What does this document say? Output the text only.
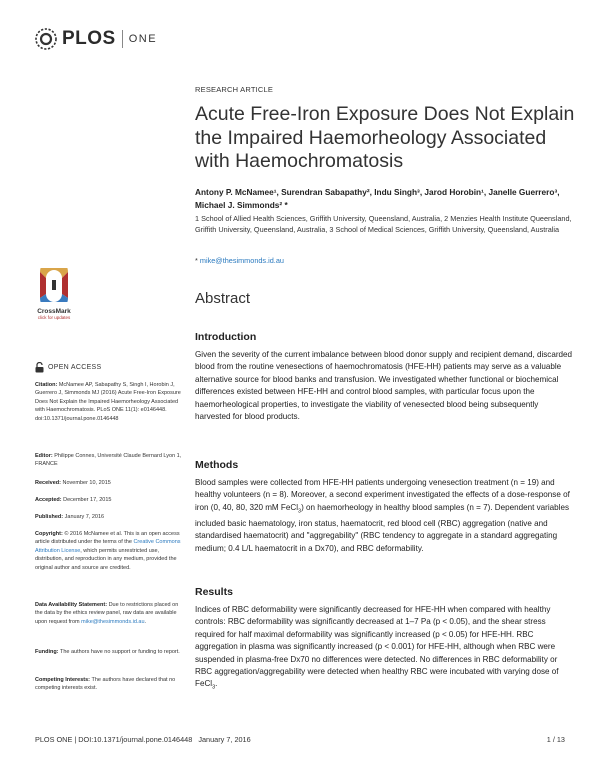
PLOS ONE
RESEARCH ARTICLE
Acute Free-Iron Exposure Does Not Explain the Impaired Haemorheology Associated with Haemochromatosis
Antony P. McNamee¹, Surendran Sabapathy², Indu Singh³, Jarod Horobin¹, Janelle Guerrero³, Michael J. Simmonds² *
1 School of Allied Health Sciences, Griffith University, Queensland, Australia, 2 Menzies Health Institute Queensland, Griffith University, Queensland, Australia, 3 School of Medical Sciences, Griffith University, Queensland, Australia
* mike@thesimmonds.id.au
CrossMark
click for updates
Abstract
Introduction
Given the severity of the current imbalance between blood donor supply and recipient demand, discarded blood from the routine venesections of haemochromatosis (HFE-HH) patients may serve as a valuable alternative source for blood banks and transfusion. We investigated whether functional or biochemical differences existed between HFE-HH and control blood samples, with particular focus upon the haemorheological properties, to investigate the viability of venesected blood being subsequently harvested for blood products.
Methods
Blood samples were collected from HFE-HH patients undergoing venesection treatment (n = 19) and healthy volunteers (n = 8). Moreover, a second experiment investigated the effects of a dose-response of iron (0, 40, 80, 320 mM FeCl$_3$) on haemorheology in healthy blood samples (n = 7). Dependent variables included basic haematology, iron status, haematocrit, red blood cell (RBC) aggregation (native and standardised haematocrit) and "aggregability" (RBC tendency to aggregate in a standard aggregating medium; 0.4 L/L haematocrit in a Dx70), and RBC deformability.
Results
Indices of RBC deformability were significantly decreased for HFE-HH when compared with healthy controls: RBC deformability was significantly decreased at 1–7 Pa (p < 0.05), and the shear stress required for half maximal deformability was significantly increased (p < 0.05) for HFE-HH. RBC aggregation in plasma was significantly increased (p < 0.001) for HFE-HH, although when RBC were suspended in plasma-free Dx70 no differences were detected. No differences in RBC deformability or RBC aggregation/aggregability were detected when healthy RBC were incubated with varying dose of FeCl$_3$.
OPEN ACCESS
Citation: McNamee AP, Sabapathy S, Singh I, Horobin J, Guerrero J, Simmonds MJ (2016) Acute Free-Iron Exposure Does Not Explain the Impaired Haemorheology Associated with Haemochromatosis. PLoS ONE 11(1): e0146448. doi:10.1371/journal.pone.0146448
Editor: Philippe Connes, Université Claude Bernard Lyon 1, FRANCE
Received: November 10, 2015
Accepted: December 17, 2015
Published: January 7, 2016
Copyright: © 2016 McNamee et al. This is an open access article distributed under the terms of the Creative Commons Attribution License, which permits unrestricted use, distribution, and reproduction in any medium, provided the original author and source are credited.
Data Availability Statement: Due to restrictions placed on the data by the ethics review panel, raw data are available upon request from mike@thesimmonds.id.au.
Funding: The authors have no support or funding to report.
Competing Interests: The authors have declared that no competing interests exist.
PLOS ONE | DOI:10.1371/journal.pone.0146448   January 7, 2016	1 / 13
